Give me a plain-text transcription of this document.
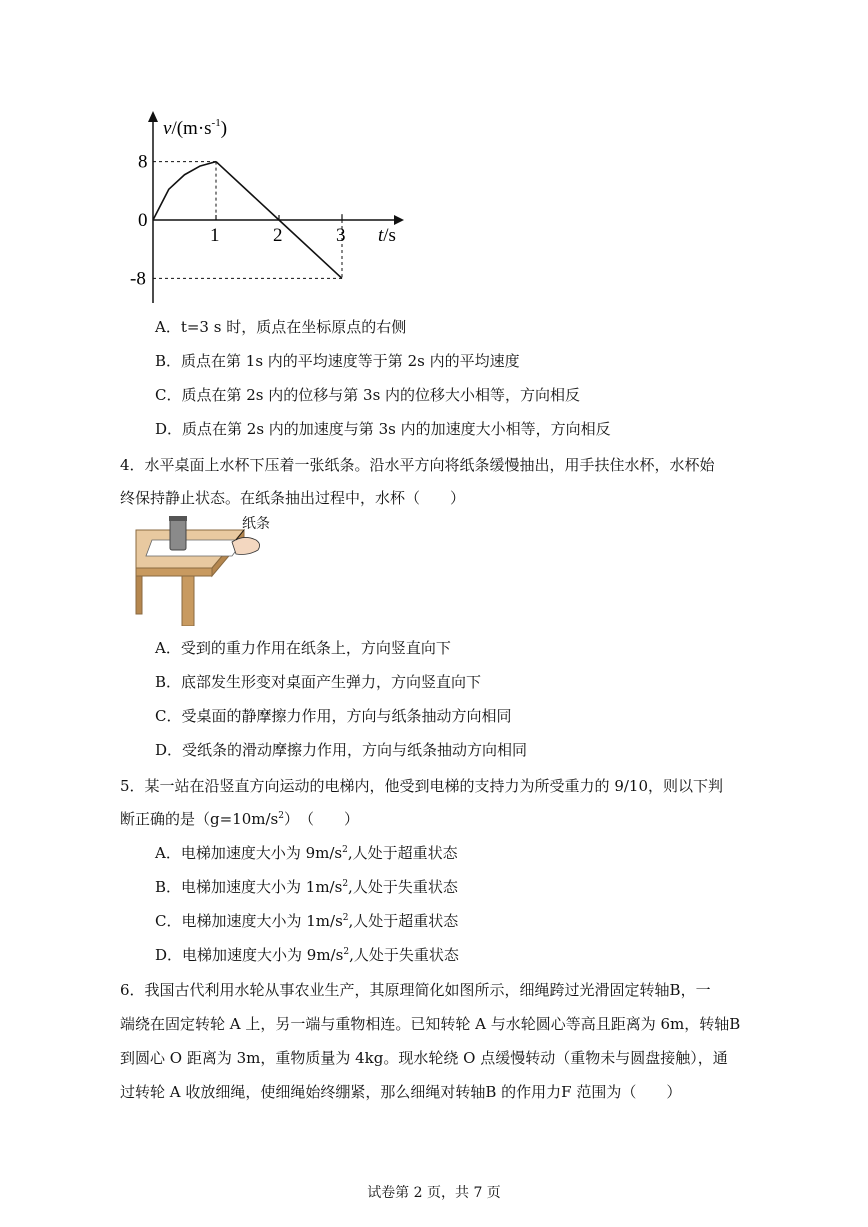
1	2	3
8
0
-8
$v/(m\cdot s^{-1})$
t/s
A．t=3 s 时，质点在坐标原点的右侧
B．质点在第 1s 内的平均速度等于第 2s 内的平均速度
C．质点在第 2s 内的位移与第 3s 内的位移大小相等，方向相反
D．质点在第 2s 内的加速度与第 3s 内的加速度大小相等，方向相反
4．水平桌面上水杯下压着一张纸条。沿水平方向将纸条缓慢抽出，用手扶住水杯，水杯始
终保持静止状态。在纸条抽出过程中，水杯（　　）
纸条
A．受到的重力作用在纸条上，方向竖直向下
B．底部发生形变对桌面产生弹力，方向竖直向下
C．受桌面的静摩擦力作用，方向与纸条抽动方向相同
D．受纸条的滑动摩擦力作用，方向与纸条抽动方向相同
5．某一站在沿竖直方向运动的电梯内，他受到电梯的支持力为所受重力的 9/10，则以下判
断正确的是$(g=10m/s^2)$　（　　）
A．电梯加速度大小为 $9m/s^2$,人处于超重状态
B．电梯加速度大小为 $1m/s^2$,人处于失重状态
C．电梯加速度大小为 $1m/s^2$,人处于超重状态
D．电梯加速度大小为 $9m/s^2$,人处于失重状态
6．我国古代利用水轮从事农业生产，其原理简化如图所示，细绳跨过光滑固定转轴B，一
端绕在固定转轮 A 上，另一端与重物相连。已知转轮 A 与水轮圆心等高且距离为 6m，转轴B
到圆心 O 距离为 3m，重物质量为 4kg。现水轮绕 O 点缓慢转动（重物未与圆盘接触），通
过转轮 A 收放细绳，使细绳始终绷紧，那么细绳对转轴B 的作用力F 范围为（　　）
试卷第 2 页，共 7 页
